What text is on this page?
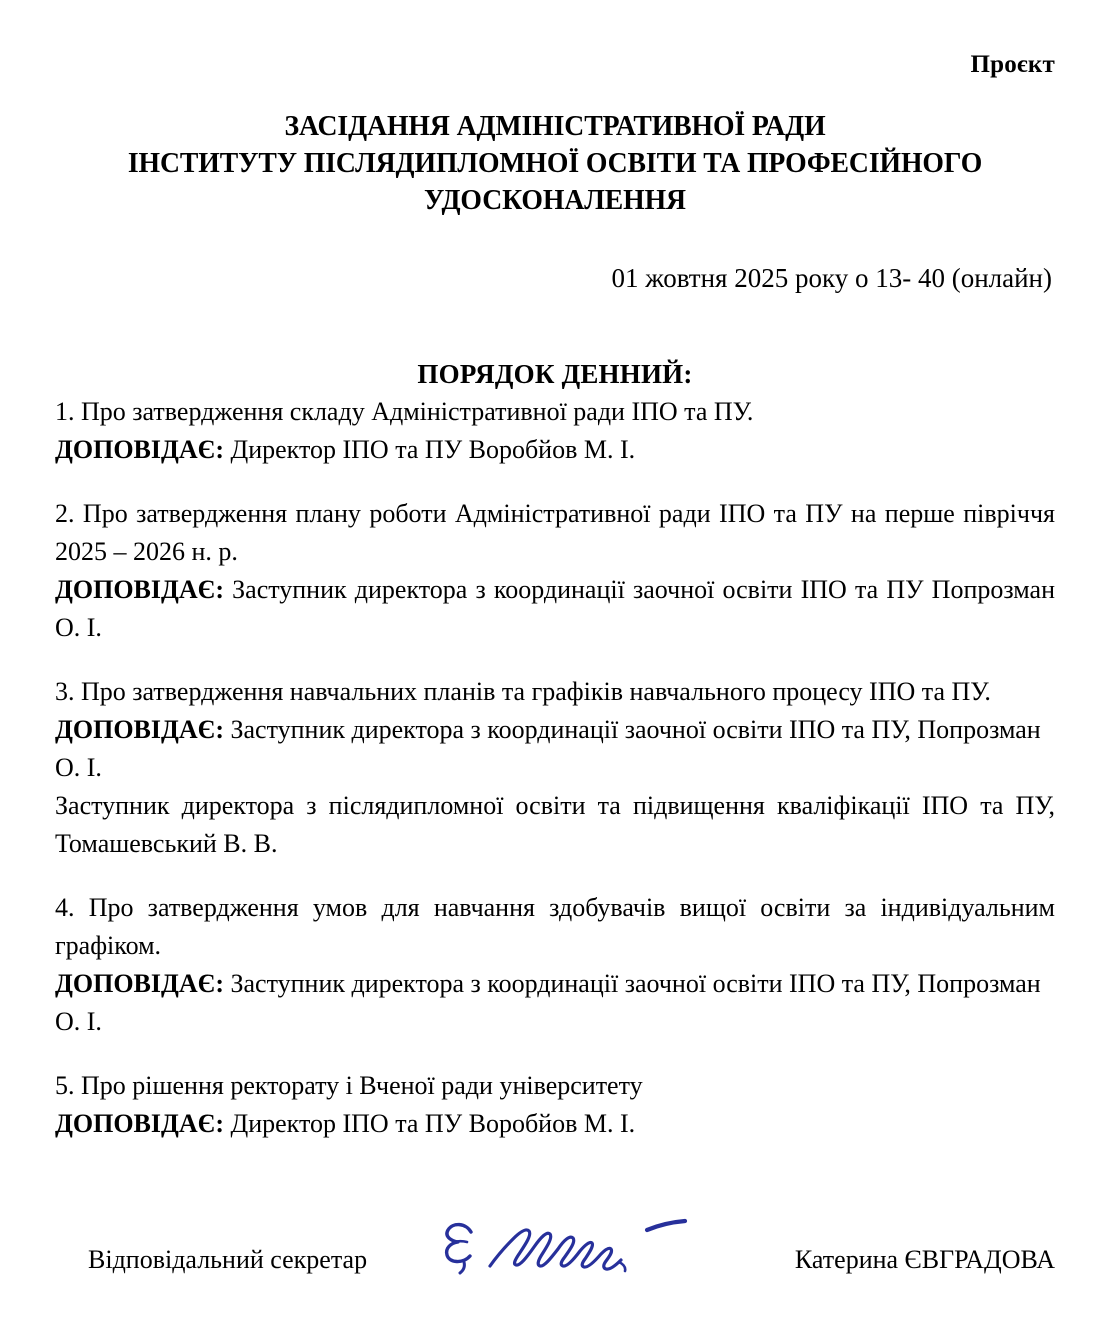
Проєкт
ЗАСІДАННЯ АДМІНІСТРАТИВНОЇ РАДИ
ІНСТИТУТУ ПІСЛЯДИПЛОМНОЇ ОСВІТИ ТА ПРОФЕСІЙНОГО
УДОСКОНАЛЕННЯ
01 жовтня 2025 року о 13- 40 (онлайн)
ПОРЯДОК ДЕННИЙ:
1. Про затвердження складу Адміністративної ради ІПО та ПУ.
ДОПОВІДАЄ: Директор ІПО та ПУ Воробйов М. І.
2. Про затвердження плану роботи Адміністративної ради ІПО та ПУ на перше півріччя 2025 – 2026 н. р.
ДОПОВІДАЄ: Заступник директора з координації заочної освіти ІПО та ПУ Попрозман О. І.
3. Про затвердження навчальних планів та графіків навчального процесу ІПО та ПУ.
ДОПОВІДАЄ: Заступник директора з координації заочної освіти ІПО та ПУ, Попрозман О. І.
Заступник директора з післядипломної освіти та підвищення кваліфікації ІПО та ПУ, Томашевський В. В.
4. Про затвердження умов для навчання здобувачів вищої освіти за індивідуальним графіком.
ДОПОВІДАЄ: Заступник директора з координації заочної освіти ІПО та ПУ, Попрозман О. І.
5. Про рішення ректорату і Вченої ради університету
ДОПОВІДАЄ: Директор ІПО та ПУ Воробйов М. І.
Відповідальний секретар	Катерина ЄВГРАДОВА
